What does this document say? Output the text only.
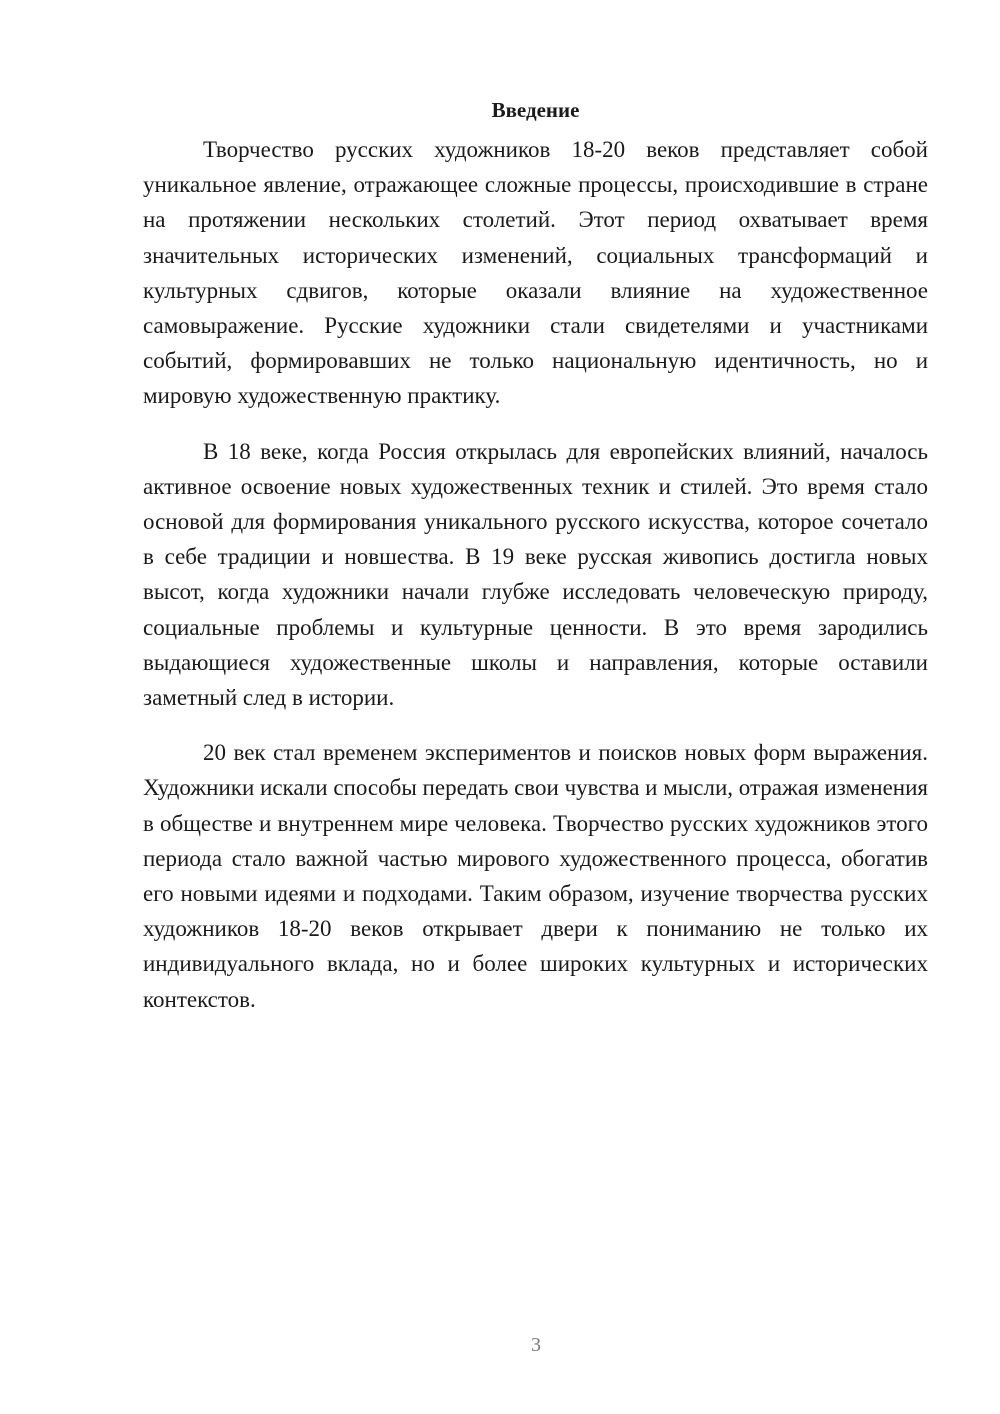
Введение

Творчество русских художников 18-20 веков представляет собой уникальное явление, отражающее сложные процессы, происходившие в стране на протяжении нескольких столетий. Этот период охватывает время значительных исторических изменений, социальных трансформаций и культурных сдвигов, которые оказали влияние на художественное самовыражение. Русские художники стали свидетелями и участниками событий, формировавших не только национальную идентичность, но и мировую художественную практику.

В 18 веке, когда Россия открылась для европейских влияний, началось активное освоение новых художественных техник и стилей. Это время стало основой для формирования уникального русского искусства, которое сочетало в себе традиции и новшества. В 19 веке русская живопись достигла новых высот, когда художники начали глубже исследовать человеческую природу, социальные проблемы и культурные ценности. В это время зародились выдающиеся художественные школы и направления, которые оставили заметный след в истории.

20 век стал временем экспериментов и поисков новых форм выражения. Художники искали способы передать свои чувства и мысли, отражая изменения в обществе и внутреннем мире человека. Творчество русских художников этого периода стало важной частью мирового художественного процесса, обогатив его новыми идеями и подходами. Таким образом, изучение творчества русских художников 18-20 веков открывает двери к пониманию не только их индивидуального вклада, но и более широких культурных и исторических контекстов.

3
